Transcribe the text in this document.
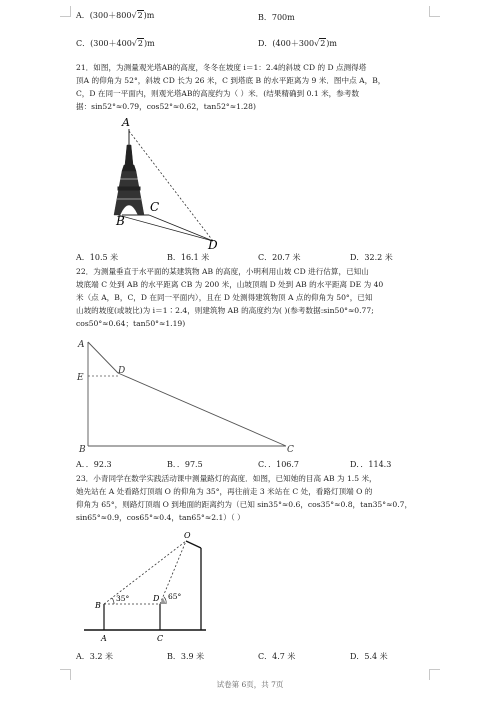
A．(300＋800√2)m	B．700m
C．(300＋400√2)m	D．(400＋300√2)m
21．如图，为测量观光塔AB的高度，冬冬在坡度 i＝1：2.4的斜坡 CD 的 D 点测得塔
顶A 的仰角为 52°，斜坡 CD 长为 26 米，C 到塔底 B 的水平距离为 9 米．图中点 A，B，
C，D 在同一平面内，则观光塔AB的高度约为（ ）米．(结果精确到 0.1 米，参考数
据：sin52°≈0.79，cos52°≈0.62，tan52°≈1.28)
A
B
C
D
A．10.5 米	B．16.1 米	C．20.7 米	D．32.2 米
22．为测量垂直于水平面的某建筑物 AB 的高度，小明利用山坡 CD 进行估算，已知山
坡底端 C 处到 AB 的水平距离 CB 为 200 米，山坡顶端 D 处到 AB 的水平距离 DE 为 40
米（点 A，B，C，D 在同一平面内），且在 D 处测得建筑物顶 A 点的仰角为 50°，已知
山坡的坡度(或坡比)为 i＝1∶2.4，则建筑物 AB 的高度约为( )(参考数据:sin50°≈0.77;
cos50°≈0.64；tan50°≈1.19)
A
E
D
B	C
A．．92.3	B．．97.5	C．．106.7	D．．114.3
23．小青同学在数学实践活动课中测量路灯的高度．如图，已知她的目高 AB 为 1.5 米，
她先站在 A 处看路灯顶端 O 的仰角为 35°，再往前走 3 米站在 C 处，看路灯顶端 O 的
仰角为 65°，则路灯顶端 O 到地面的距离约为（已知 sin35°≈0.6，cos35°≈0.8，tan35°≈0.7，
sin65°≈0.9，cos65°≈0.4，tan65°≈2.1）（ ）
O
B
35°	D 65°
A	C
A．3.2 米	B．3.9 米	C．4.7 米	D．5.4 米
试卷第 6页，共 7页
